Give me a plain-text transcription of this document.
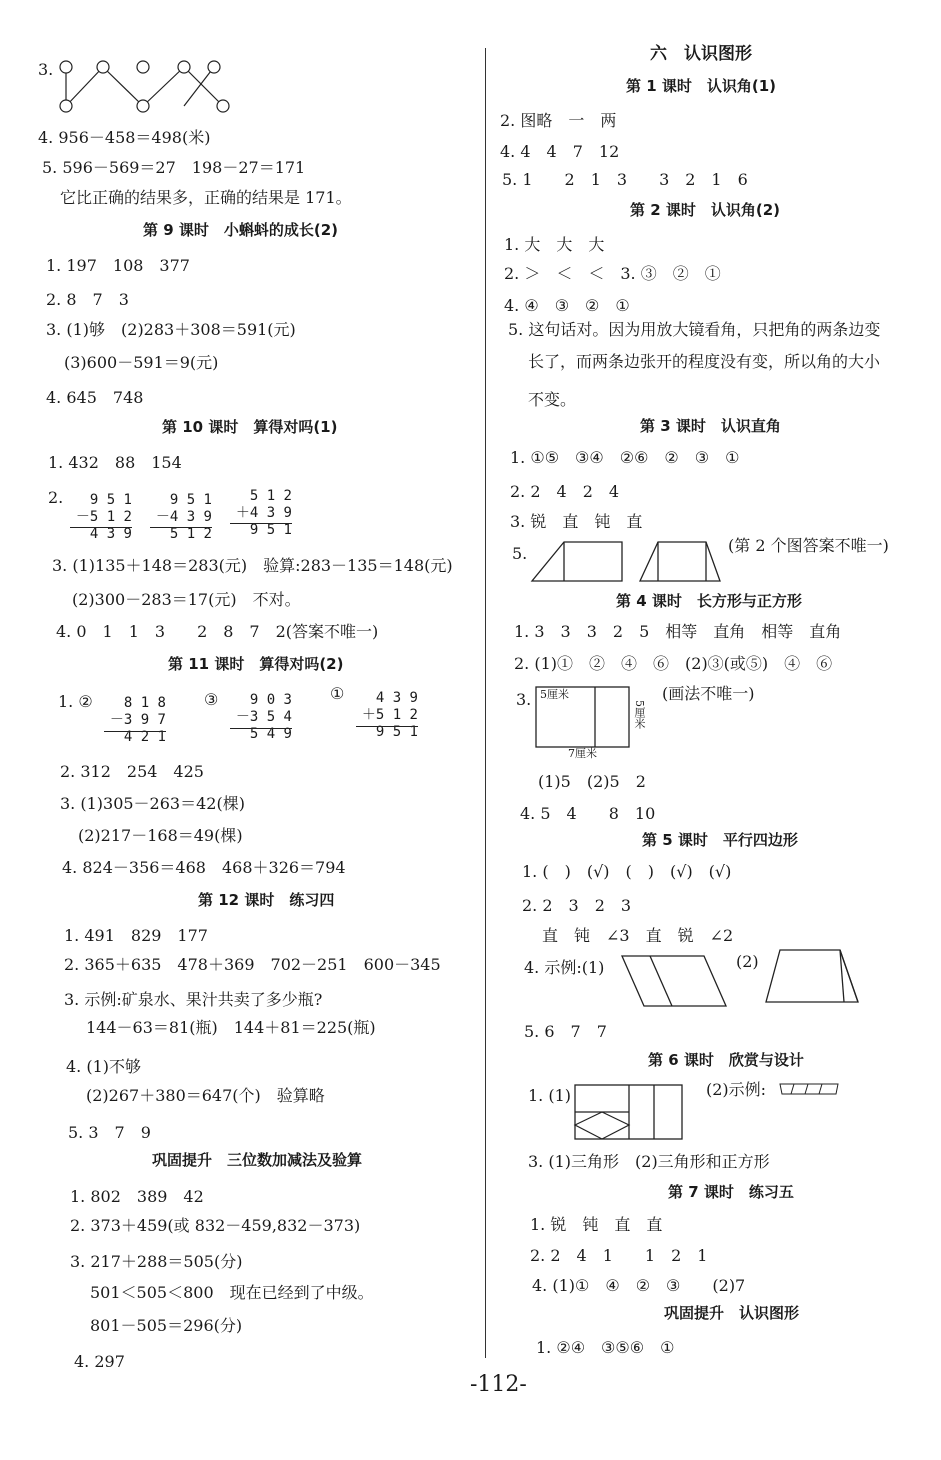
3.
4. 956－458＝498(米)
5. 596－569＝27　198－27＝171
它比正确的结果多，正确的结果是 171。
第 9 课时　小蝌蚪的成长(2)
1. 197　108　377
2. 8　7　3
3. (1)够　(2)283＋308＝591(元)
(3)600－591＝9(元)
4. 645　748
第 10 课时　算得对吗(1)
1. 432　88　154
2.	9 5 1
－5 1 2
4 3 9
9 5 1
－4 3 9
5 1 2
5 1 2
＋4 3 9
9 5 1
3. (1)135＋148＝283(元)　验算:283－135＝148(元)
(2)300－283＝17(元)　不对。
4. 0　1　1　3　　2　8　7　2(答案不唯一)
第 11 课时　算得对吗(2)
1. ②	8 1 8
－3 9 7
4 2 1
③	9 0 3
－3 5 4
5 4 9
①	4 3 9
＋5 1 2
9 5 1
2. 312　254　425
3. (1)305－263＝42(棵)
(2)217－168＝49(棵)
4. 824－356＝468　468＋326＝794
第 12 课时　练习四
1. 491　829　177
2. 365＋635　478＋369　702－251　600－345
3. 示例:矿泉水、果汁共卖了多少瓶?
144－63＝81(瓶)　144＋81＝225(瓶)
4. (1)不够
(2)267＋380＝647(个)　验算略
5. 3　7　9
巩固提升　三位数加减法及验算
1. 802　389　42
2. 373＋459(或 832－459,832－373)
3. 217＋288＝505(分)
501＜505＜800　现在已经到了中级。
801－505＝296(分)
4. 297
六　认识图形
第 1 课时　认识角(1)
2. 图略　一　两
4. 4　4　7　12
5. 1　　2　1　3　　3　2　1　6
第 2 课时　认识角(2)
1. 大　大　大
2. ＞　＜　＜　3. ③　②　①
4. ④　③　②　①
5. 这句话对。因为用放大镜看角，只把角的两条边变
长了，而两条边张开的程度没有变，所以角的大小
不变。
第 3 课时　认识直角
1. ①⑤　③④　②⑥　②　③　①
2. 2　4　2　4
3. 锐　直　钝　直
5.	(第 2 个图答案不唯一)
第 4 课时　长方形与正方形
1. 3　3　3　2　5　相等　直角　相等　直角
2. (1)①　②　④　⑥　(2)③(或⑤)　④　⑥
3. 5厘米
5厘米
7厘米
(画法不唯一)
(1)5　(2)5　2
4. 5　4　　8　10
第 5 课时　平行四边形
1. (　)　(√)　(　)　(√)　(√)
2. 2　3　2　3
直　钝　∠3　直　锐　∠2
4. 示例:(1)	(2)
5. 6　7　7
第 6 课时　欣赏与设计
1. (1)	(2)示例:
3. (1)三角形　(2)三角形和正方形
第 7 课时　练习五
1. 锐　钝　直　直
2. 2　4　1　　1　2　1
4. (1)①　④　②　③　　(2)7
巩固提升　认识图形
1. ②④　③⑤⑥　①
-112-
